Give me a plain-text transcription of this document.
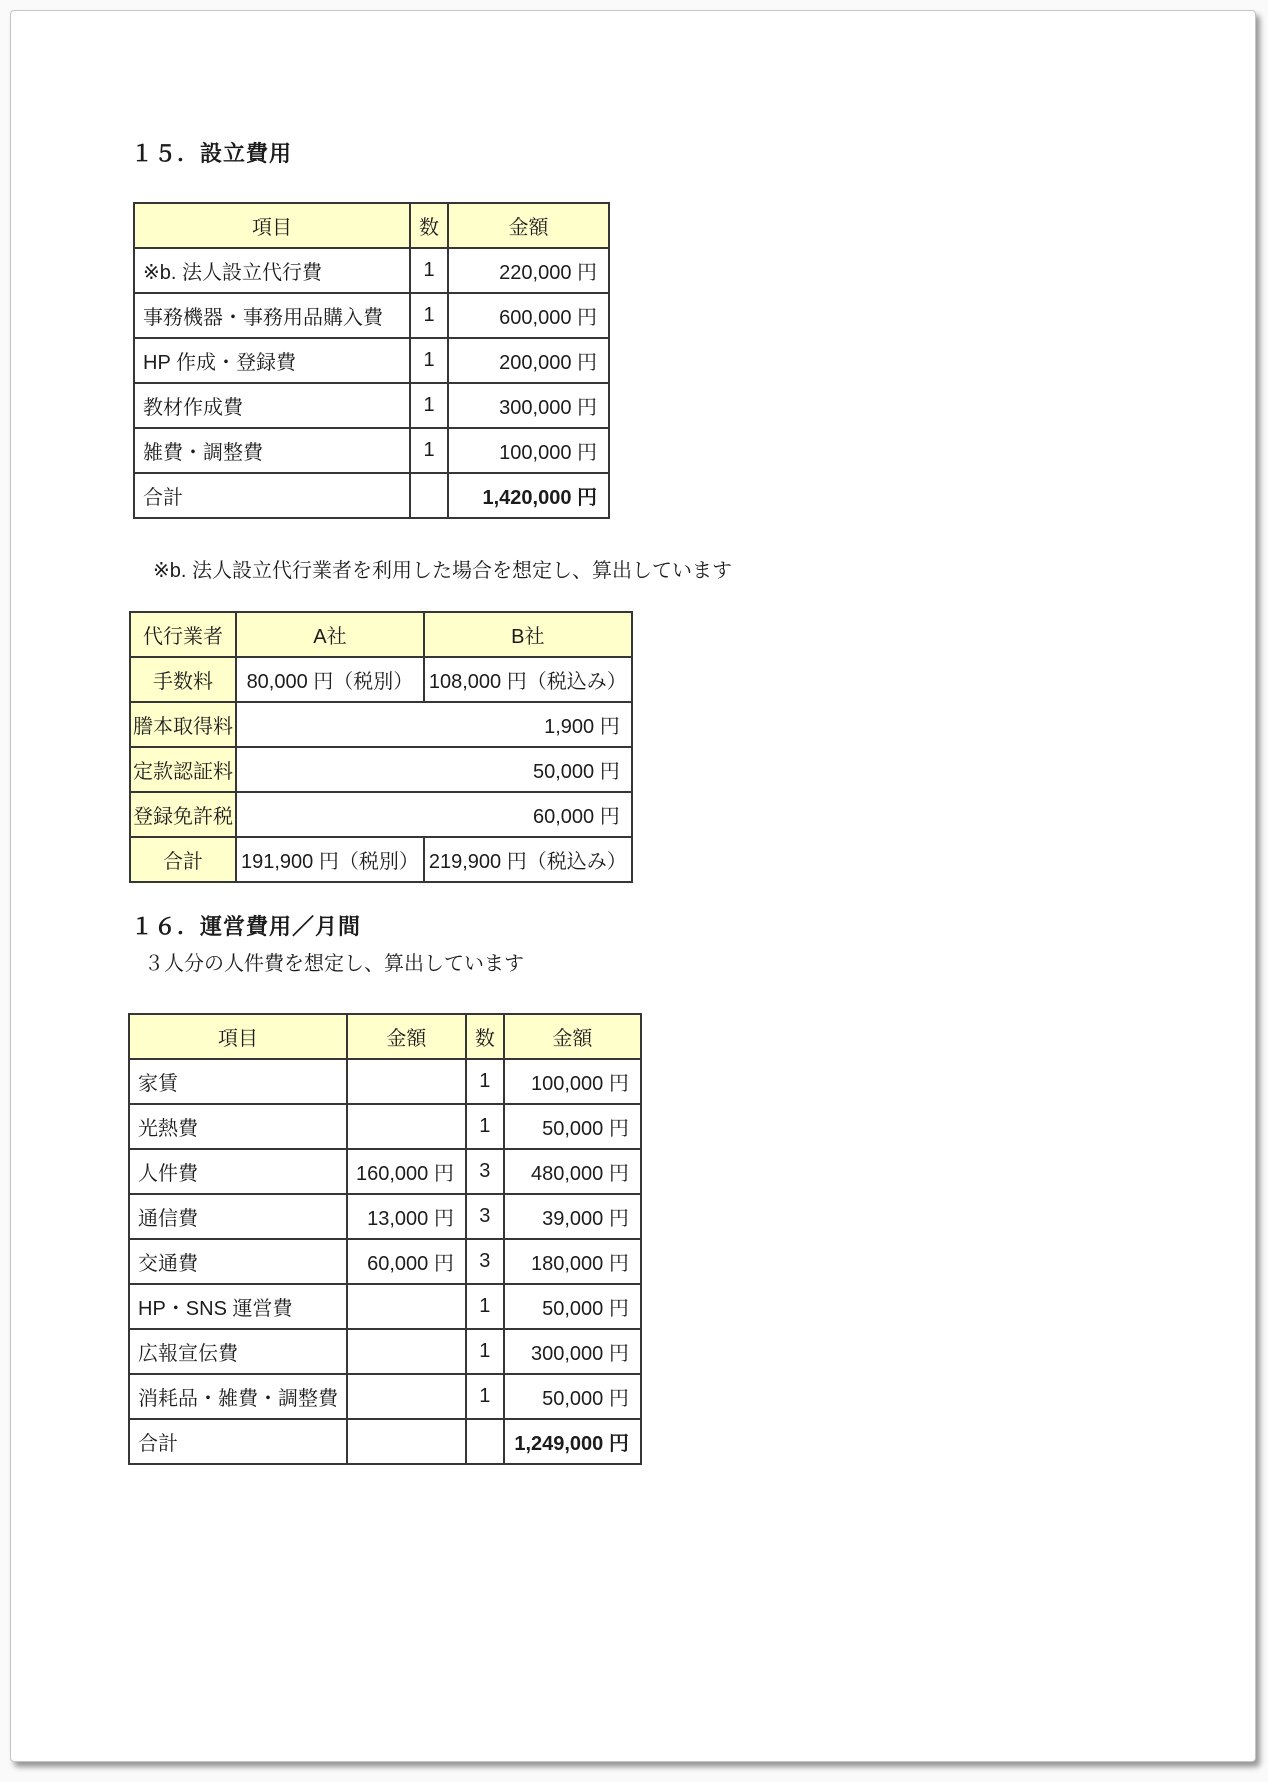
１５．設立費用
項目	数	金額
※b. 法人設立代行費	1	220,000 円
事務機器・事務用品購入費	1	600,000 円
HP 作成・登録費	1	200,000 円
教材作成費	1	300,000 円
雑費・調整費	1	100,000 円
合計		1,420,000 円
※b. 法人設立代行業者を利用した場合を想定し、算出しています
代行業者	A社	B社
手数料	80,000 円（税別）	108,000 円（税込み）
謄本取得料	1,900 円	
定款認証料	50,000 円	
登録免許税	60,000 円	
合計	191,900 円（税別）	219,900 円（税込み）
１６．運営費用／月間
３人分の人件費を想定し、算出しています
項目	金額	数	金額
家賃		1	100,000 円
光熱費		1	50,000 円
人件費	160,000 円	3	480,000 円
通信費	13,000 円	3	39,000 円
交通費	60,000 円	3	180,000 円
HP・SNS 運営費		1	50,000 円
広報宣伝費		1	300,000 円
消耗品・雑費・調整費		1	50,000 円
合計			1,249,000 円
